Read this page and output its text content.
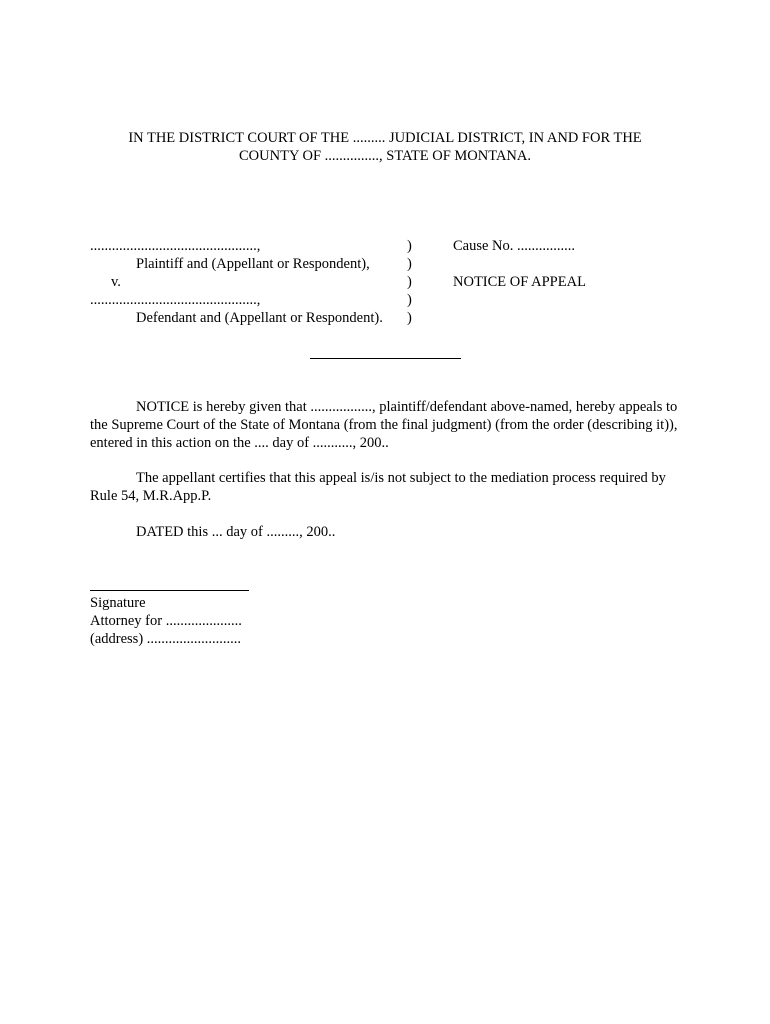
IN THE DISTRICT COURT OF THE ......... JUDICIAL DISTRICT, IN AND FOR THE
COUNTY OF ..............., STATE OF MONTANA.
..............................................,
Plaintiff and (Appellant or Respondent),
v.
..............................................,
Defendant and (Appellant or Respondent).
)
)
)
)
)
Cause No. ................
NOTICE OF APPEAL

NOTICE is hereby given that ................., plaintiff/defendant above-named, hereby appeals to the Supreme Court of the State of Montana (from the final judgment) (from the order (describing it)), entered in this action on the .... day of ..........., 200..

The appellant certifies that this appeal is/is not subject to the mediation process required by Rule 54, M.R.App.P.

DATED this ... day of ........., 200..

Signature
Attorney for .....................
(address) ..........................
